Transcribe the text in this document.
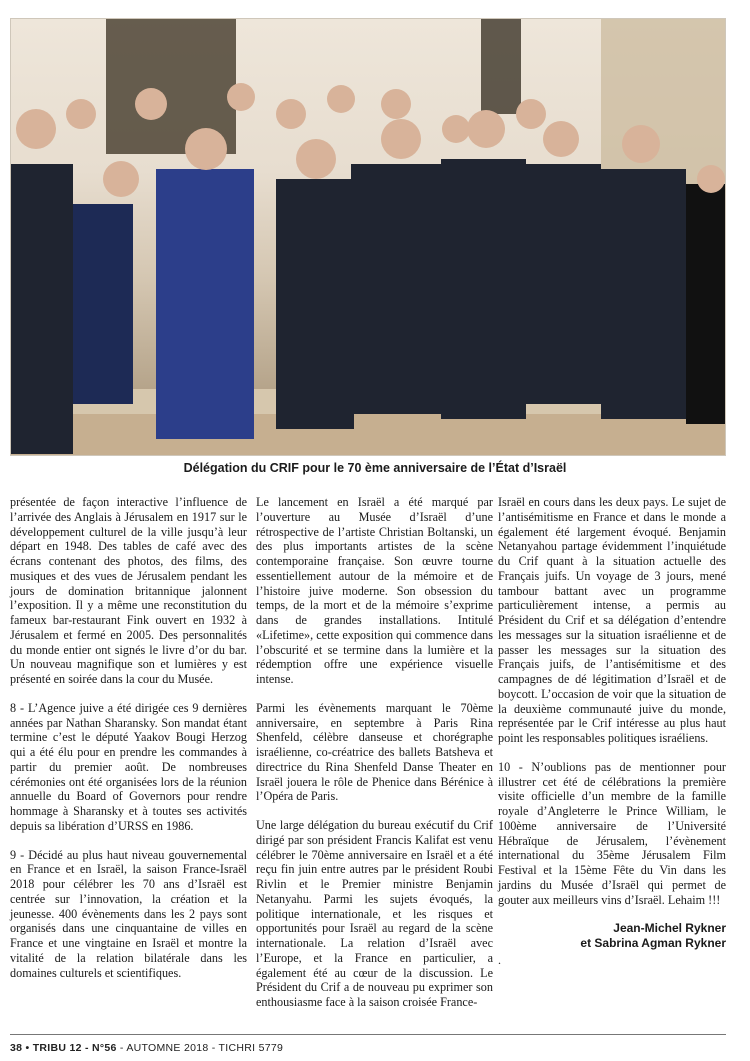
Délégation du CRIF pour le 70 ème anniversaire de l’État d’Israël

présentée de façon interactive l’influence de l’arrivée des Anglais à Jérusalem en 1917 sur le développement culturel de la ville jusqu’à leur départ en 1948. Des tables de café avec des écrans contenant des photos, des films, des musiques et des vues de Jérusalem pendant les jours de domination britannique jalonnent l’exposition. Il y a même une reconstitution du fameux bar-restaurant Fink ouvert en 1932 à Jérusalem et fermé en 2005. Des personnalités du monde entier ont signés le livre d’or du bar. Un nouveau magnifique son et lumières y est présenté en soirée dans la cour du Musée.

8 - L’Agence juive a été dirigée ces 9 dernières années par Nathan Sharansky. Son mandat étant termine c’est le député Yaakov Bougi Herzog qui a été élu pour en prendre les commandes à partir du premier août. De nombreuses cérémonies ont été organisées lors de la réunion annuelle du Board of Governors pour rendre hommage à Sharansky et à toutes ses activités depuis sa libération d’URSS en 1986.

9 - Décidé au plus haut niveau gouvernemental en France et en Israël, la saison France-Israël 2018 pour célébrer les 70 ans d’Israël est centrée sur l’innovation, la création et la jeunesse. 400 évènements dans les 2 pays sont organisés dans une cinquantaine de villes en France et une vingtaine en Israël et montre la vitalité de la relation bilatérale dans les domaines culturels et scientifiques.

Le lancement en Israël a été marqué par l’ouverture au Musée d’Israël d’une rétrospective de l’artiste Christian Boltanski, un des plus importants artistes de la scène contemporaine française. Son œuvre tourne essentiellement autour de la mémoire et de l’histoire juive moderne. Son obsession du temps, de la mort et de la mémoire s’exprime dans de grandes installations. Intitulé «Lifetime», cette exposition qui commence dans l’obscurité et se termine dans la lumière et la rédemption offre une expérience visuelle intense.

Parmi les évènements marquant le 70ème anniversaire, en septembre à Paris Rina Shenfeld, célèbre danseuse et chorégraphe israélienne, co-créatrice des ballets Batsheva et directrice du Rina Shenfeld Danse Theater en Israël jouera le rôle de Phenice dans Bérénice à l’Opéra de Paris.

Une large délégation du bureau exécutif du Crif dirigé par son président Francis Kalifat est venu célébrer le 70ème anniversaire en Israël et a été reçu fin juin entre autres par le président Roubi Rivlin et le Premier ministre Benjamin Netanyahu. Parmi les sujets évoqués, la politique internationale, et les risques et opportunités pour Israël au regard de la scène internationale. La relation d’Israël avec l’Europe, et la France en particulier, a également été au cœur de la discussion. Le Président du Crif a de nouveau pu exprimer son enthousiasme face à la saison croisée France-

Israël en cours dans les deux pays. Le sujet de l’antisémitisme en France et dans le monde a également été largement évoqué. Benjamin Netanyahou partage évidemment l’inquiétude du Crif quant à la situation actuelle des Français juifs. Un voyage de 3 jours, mené tambour battant avec un programme particulièrement intense, a permis au Président du Crif et sa délégation d’entendre les messages sur la situation israélienne et de passer les messages sur la situation des Français juifs, de l’antisémitisme et des campagnes de dé légitimation d’Israël et de boycott. L’occasion de voir que la situation de la deuxième communauté juive du monde, représentée par le Crif intéresse au plus haut point les responsables politiques israéliens.

10 - N’oublions pas de mentionner pour illustrer cet été de célébrations la première visite officielle d’un membre de la famille royale d’Angleterre le Prince William, le 100ème anniversaire de l’Université Hébraïque de Jérusalem, l’évènement international du 35ème Jérusalem Film Festival et la 15ème Fête du Vin dans les jardins du Musée d’Israël qui permet de gouter aux meilleurs vins d’Israël. Lehaim !!!

Jean-Michel Rykner
et Sabrina Agman Rykner
.
38 • TRIBU 12 - N°56 - AUTOMNE 2018 - TICHRI 5779
